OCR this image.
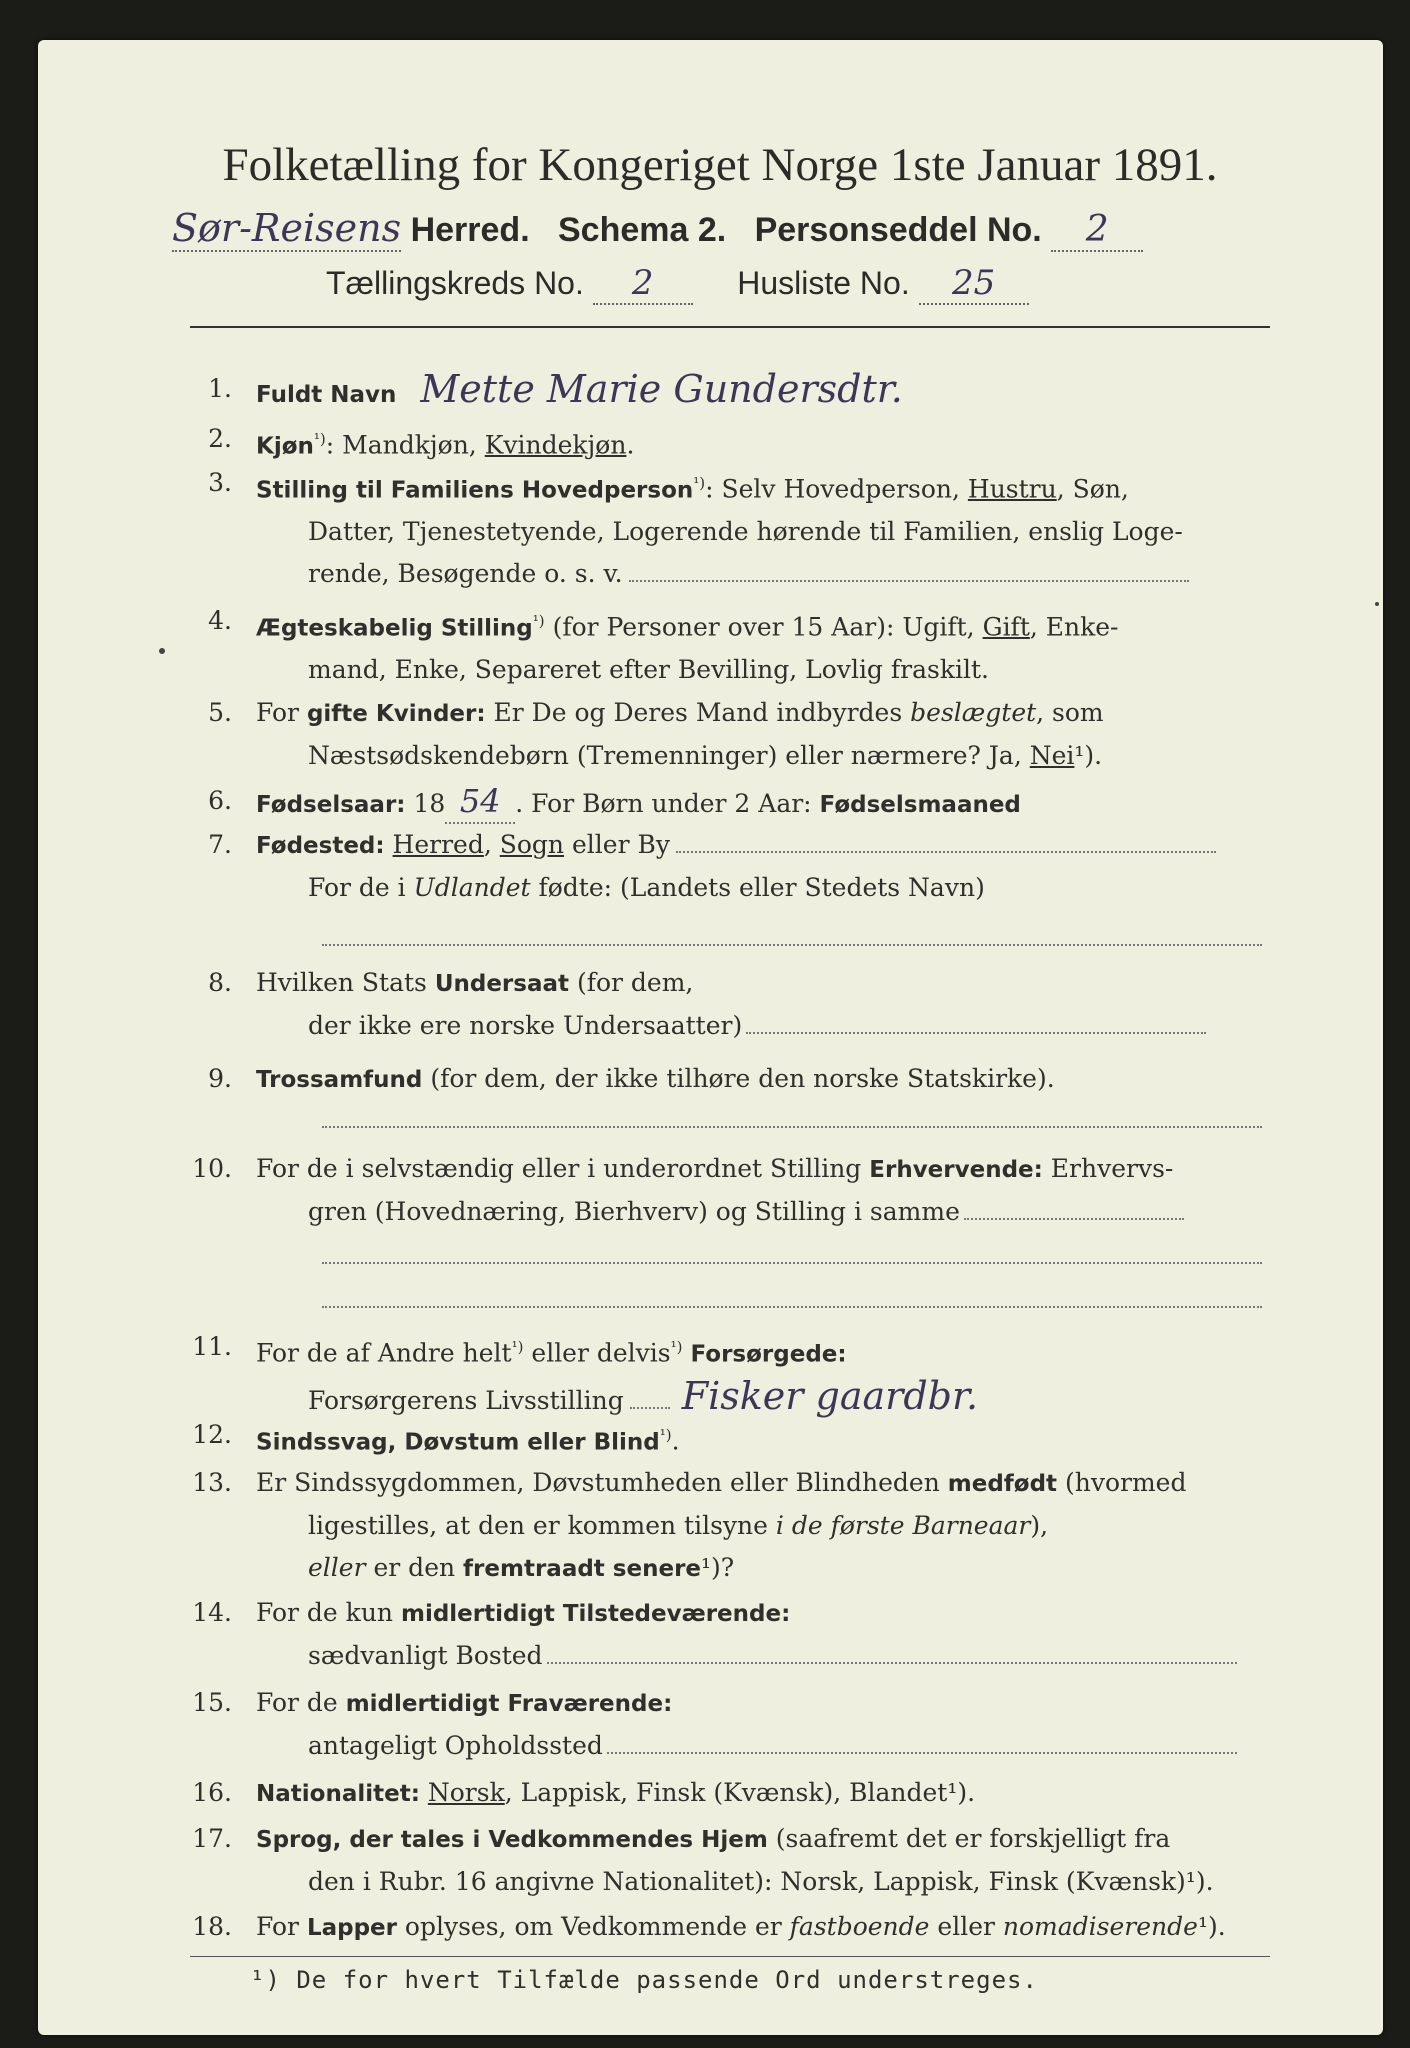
Folketælling for Kongeriget Norge 1ste Januar 1891.
Sør-Reisens Herred. Schema 2. Personseddel No. 2
Tællingskreds No. 2	Husliste No. 25
1. Fuldt Navn Mette Marie Gundersdtr.
2. Kjøn$^{^1)}$: Mandkjøn, Kvindekjøn.
3. Stilling til Familiens Hovedperson$^{^1)}$: Selv Hovedperson, Hustru, Søn,
Datter, Tjenestetyende, Logerende hørende til Familien, enslig Loge-
rende, Besøgende o. s. v.
4. Ægteskabelig Stilling$^{^1)}$ (for Personer over 15 Aar): Ugift, Gift, Enke-
mand, Enke, Separeret efter Bevilling, Lovlig fraskilt.
5. For gifte Kvinder: Er De og Deres Mand indbyrdes beslægtet, som
Næstsødskendebørn (Tremenninger) eller nærmere? Ja, Nei¹).
6. Fødselsaar: 18 54 . For Børn under 2 Aar: Fødselsmaaned
7. Fødested: Herred, Sogn eller By
For de i Udlandet fødte: (Landets eller Stedets Navn)
8. Hvilken Stats Undersaat (for dem,
der ikke ere norske Undersaatter)
9. Trossamfund (for dem, der ikke tilhøre den norske Statskirke).
10. For de i selvstændig eller i underordnet Stilling Erhvervende: Erhvervs-
gren (Hovednæring, Bierhverv) og Stilling i samme
11. For de af Andre helt$^{^1)}$ eller delvis$^{^1)}$ Forsørgede:
Forsørgerens Livsstilling Fisker gaardbr.
12. Sindssvag, Døvstum eller Blind$^{^1)}$.
13. Er Sindssygdommen, Døvstumheden eller Blindheden medfødt (hvormed
ligestilles, at den er kommen tilsyne i de første Barneaar),
eller er den fremtraadt senere¹)?
14. For de kun midlertidigt Tilstedeværende:
sædvanligt Bosted
15. For de midlertidigt Fraværende:
antageligt Opholdssted
16. Nationalitet: Norsk, Lappisk, Finsk (Kvænsk), Blandet¹).
17. Sprog, der tales i Vedkommendes Hjem (saafremt det er forskjelligt fra
den i Rubr. 16 angivne Nationalitet): Norsk, Lappisk, Finsk (Kvænsk)¹).
18. For Lapper oplyses, om Vedkommende er fastboende eller nomadiserende¹).
¹) De for hvert Tilfælde passende Ord understreges.
